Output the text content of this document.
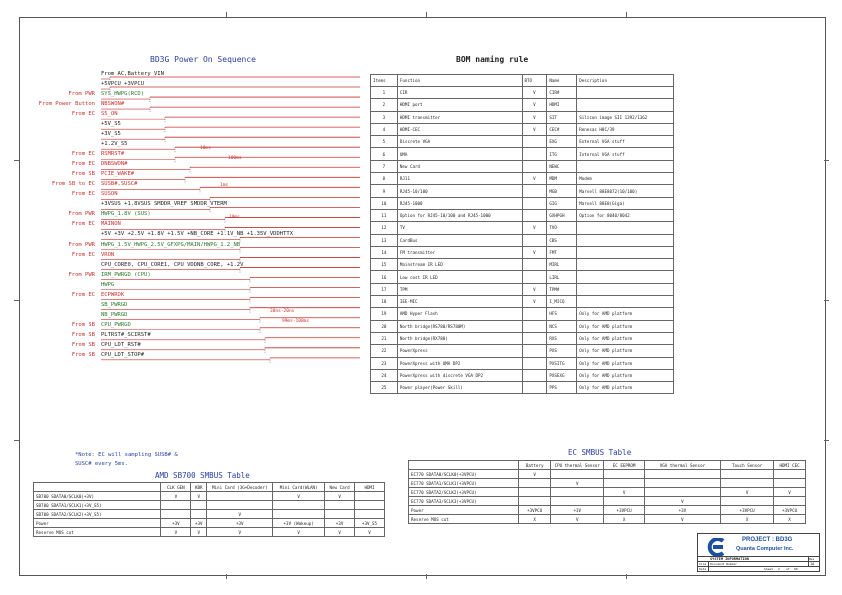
BD3G Power On Sequence
From AC,Battery VIN
+5VPCU +3VPCU
From PWR SYS_HWPG(RCD)
From Power Button NBSWON#
From EC S5_ON
+5V_S5
+3V_S5
+1.2V_S5
From EC RSMRST#
From EC DNBSWON#
From SB PCIE_WAKE#
From SB to EC SUSB#,SUSC#
From EC SUSON
+3VSUS +1.8VSUS SMDDR_VREF SMDDR_VTERM
From PWR HWPG_1.8V (SUS)
From EC MAINON
+5V +3V +2.5V +1.8V +1.5V +NB_CORE +1.1V_NB +1.35V_VDDHTTX
From PWR HWPG_1.5V_HWPG_2.5V_GFXPG/MAIN/HWPG_1.2_NB
From EC VRON
CPU_CORE0, CPU_CORE1, CPU VDDNB_CORE, +1.2V
From PWR IRM_PWRGD (CPU)
HWPG
From EC ECPWROK
SB_PWRGD
NB_PWRGD
From SB CPU_PWRGD
From SB PLTRST#_SCIRST#
From SB CPU_LDT_RST#
From SB CPU_LDT_STOP#
10ms
100ms
1ms
10ms
30ns-20ns
99ms-108ms
*Note: EC will sampling SUSB# &
SUSC# every 5ms.
BOM naming rule
Items	Function	BTO	Name	Description
1	CIR	V	CIR#	
2	HDMI port	V	HDMI	
3	HDMI transmitter	V	SIT	Silicon image SII 1392/1362
4	HDMI-CEC	V	CEC#	Renesas H8C/39
5	Discrete VGA		EXG	External VGA stuff
6	UMA		ITG	Internal VGA stuff
7	New Card		NEWC	
8	RJ11	V	MDM	Modem
9	RJ45-10/100		MGB	Marvell 88E8072(10/100)
10	RJ45-1000		GIG	Marvell 88E8(Giga)
11	Option for RJ45-10/100 and RJ45-1000		GXHPGH	Option for 8040/8042
12	TV	V	TVO	
13	CardBus		CBS	
14	FM transmitter	V	FMT	
15	Mainstream IR LED		MIRL	
16	Low cost IR LED		LIRL	
17	TPM	V	TPM#	
18	IEE-MIC	V	I_MICQ	
19	AMD Hyper Flash		HFS	Only for AMD platform
20	North bridge(RS780/RS780M)		NCS	Only for AMD platform
21	North bridge(RX780)		RXS	Only for AMD platform
22	PowerXpress		PXS	Only for AMD platform
23	PowerXpress with UMA DP2		PXSITG	Only for AMD platform
24	PowerXpress with discrete VGA DP2		PXSEXG	Only for AMD platform
25	Power player(Power Skill)		PPS	Only for AMD platform
AMD SB700 SMBUS Table
	CLK GEN	KBR	Mini Card (3G+Decoder)	Mini Card(WLAN)	New Card	HDMI
SB700 SDATA0/SCLK0(+3V)	V	V		V	V	
SB700 SDATA1/SCLK1(+3V_S5)						
SB700 SDATA2/SCLK2(+3V_S5)			V			
Power	+3V	+3V	+3V	+3V (Wakeup)	+3V	+3V_S5
Reserve MOS cut	V	V	V	V	V	V
EC SMBUS Table
	Battery	CPU thermal Sensor	EC EEPROM	VGA thermal Sensor	Touch Sensor	HDMI CEC
EC770 SDATA0/SCLK0(+3VPCU)	V					
EC770 SDATA1/SCLK1(+3VPCU)		V				
EC770 SDATA2/SCLK2(+3VPCU)			V		V	V
EC770 SDATA3/SCLK3(+3VPCU)				V		
Power	+3VPCU	+3V	+3VPCU	+3V	+3VPCU	+3VPCU
Reserve MOS cut	X	V	X	V	X	X
PROJECT : BD3G
Quanta Computer Inc.
SYSTEM INFORMATION
Size Document Number
Rev
1A
Date	Sheet 2 of 60
